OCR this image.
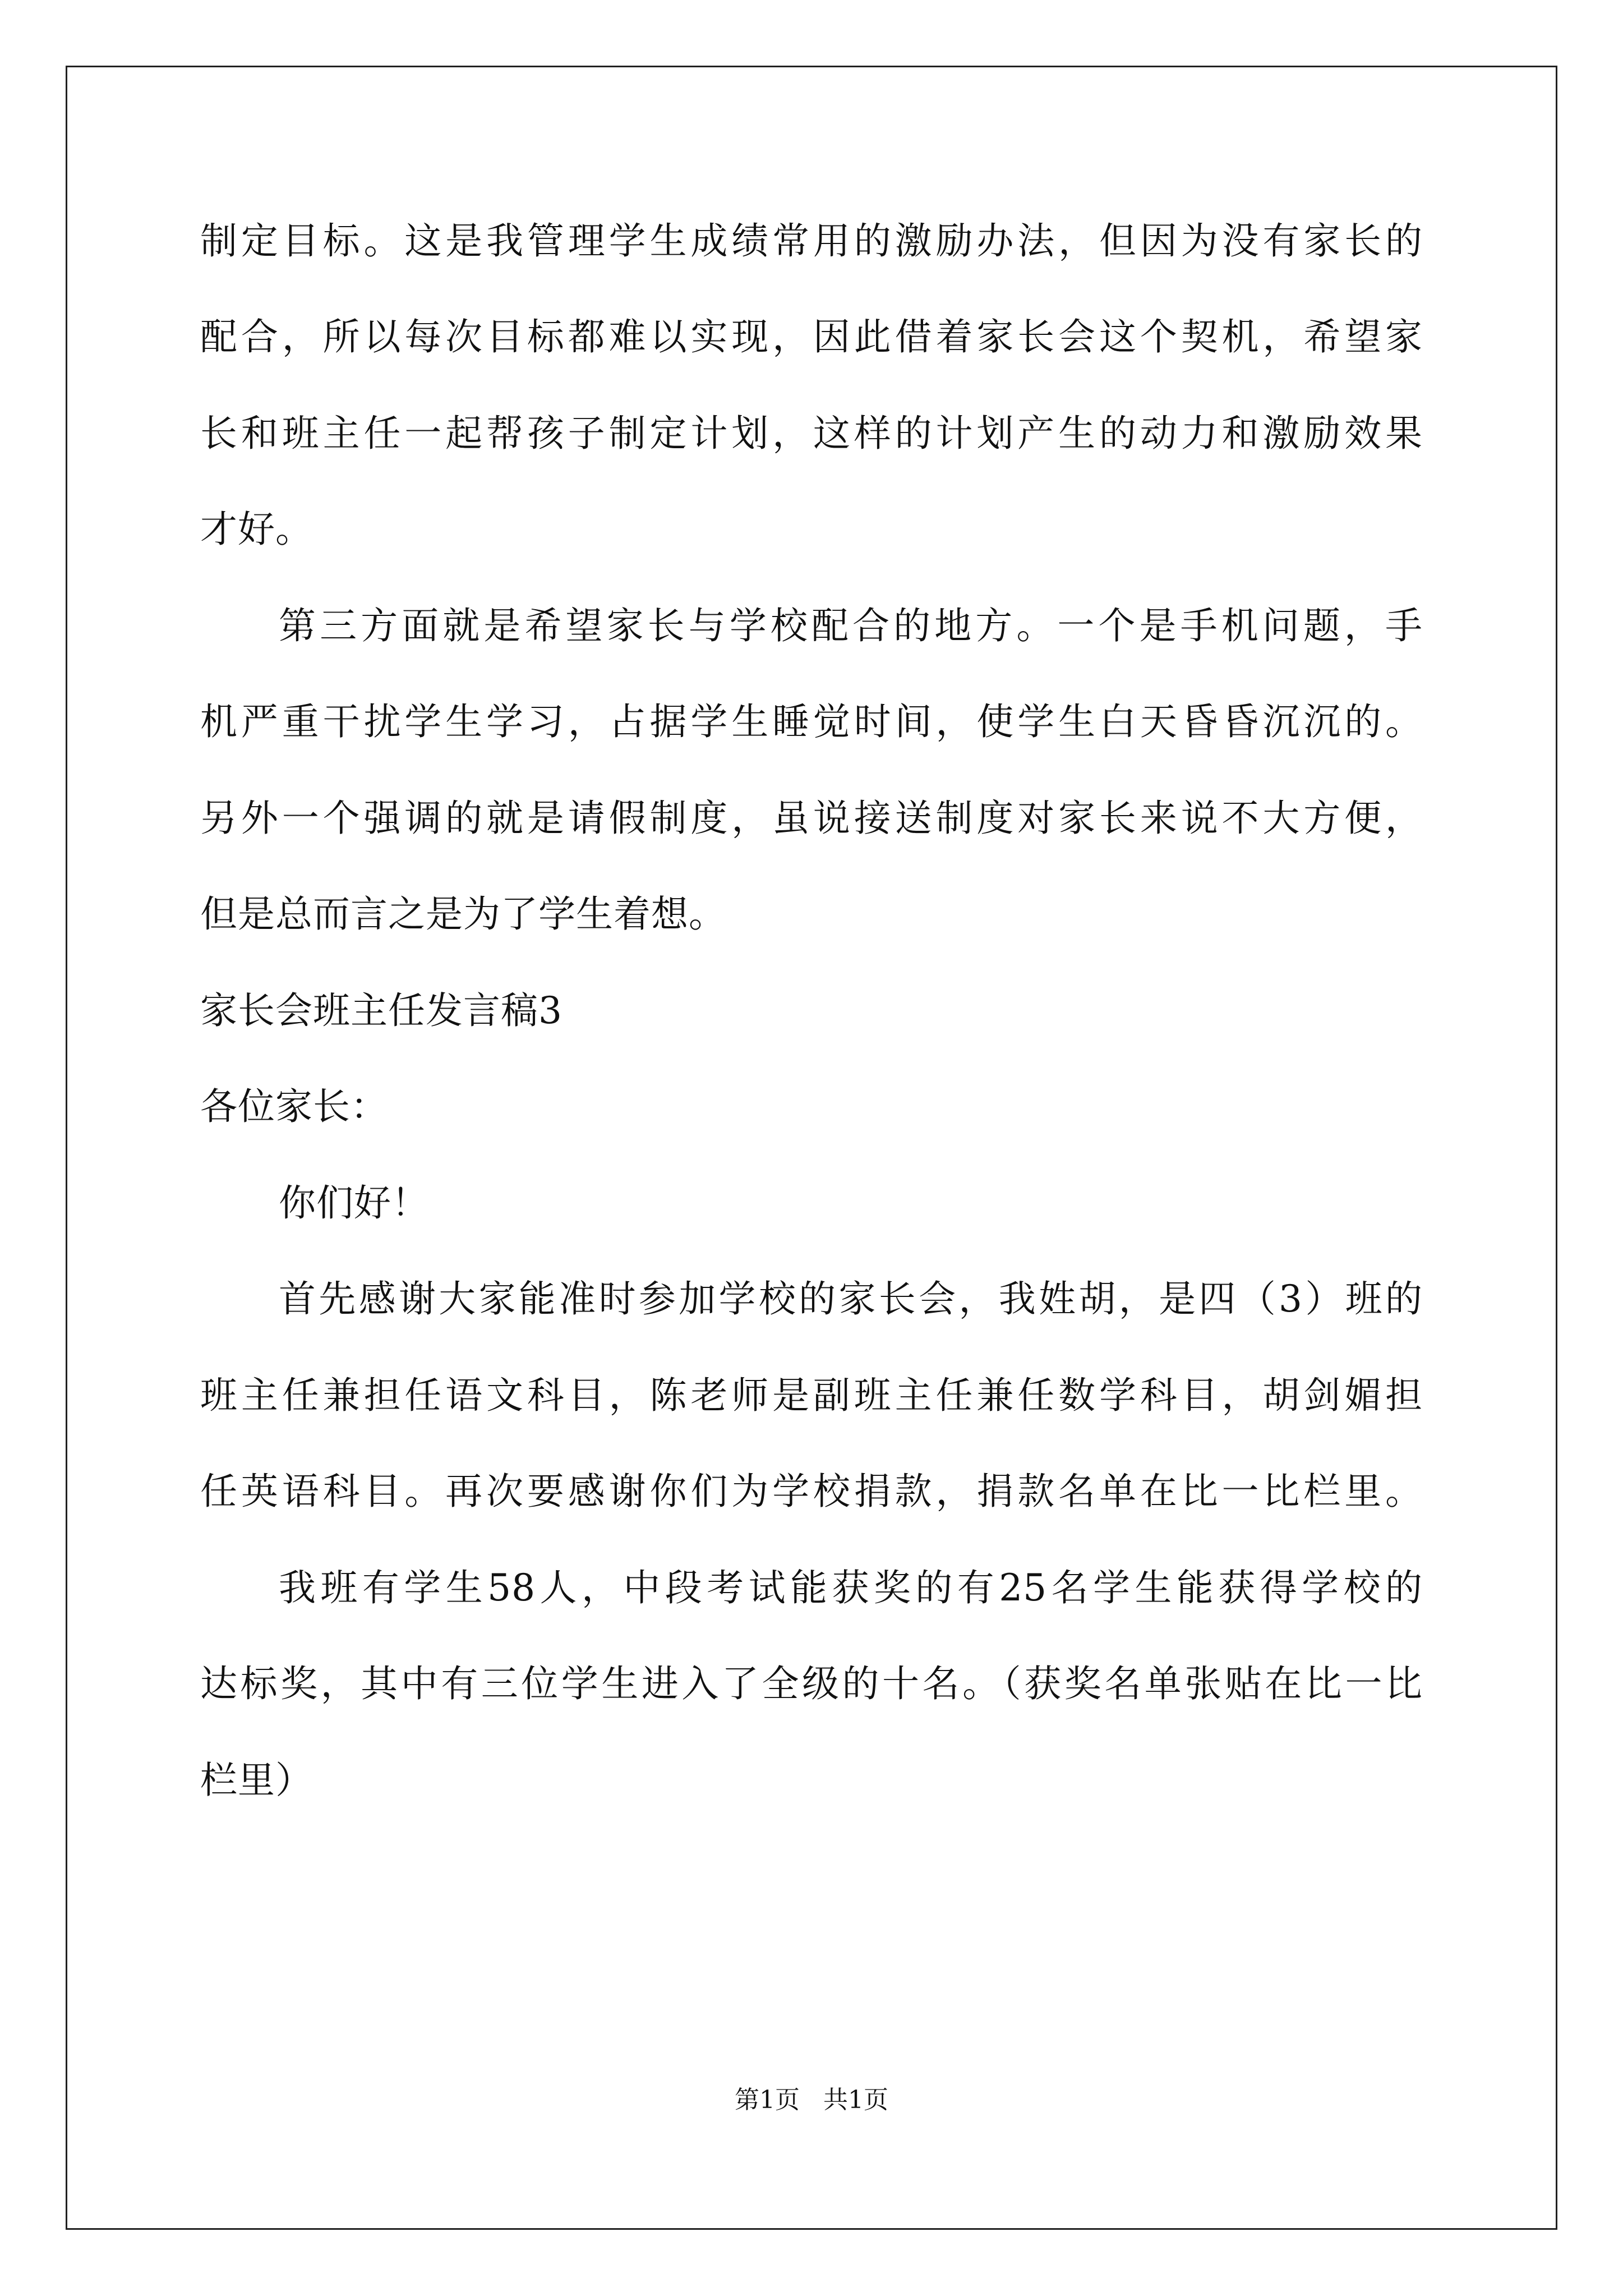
制定目标。这是我管理学生成绩常用的激励办法，但因为没有家长的
配合，所以每次目标都难以实现，因此借着家长会这个契机，希望家
长和班主任一起帮孩子制定计划，这样的计划产生的动力和激励效果
才好。
第三方面就是希望家长与学校配合的地方。一个是手机问题，手
机严重干扰学生学习，占据学生睡觉时间，使学生白天昏昏沉沉的。
另外一个强调的就是请假制度，虽说接送制度对家长来说不大方便，
但是总而言之是为了学生着想。
家长会班主任发言稿3
各位家长：
你们好！
首先感谢大家能准时参加学校的家长会，我姓胡，是四（3）班的
班主任兼担任语文科目，陈老师是副班主任兼任数学科目，胡剑媚担
任英语科目。再次要感谢你们为学校捐款，捐款名单在比一比栏里。
我班有学生58人，中段考试能获奖的有25名学生能获得学校的
达标奖，其中有三位学生进入了全级的十名。（获奖名单张贴在比一比
栏里）
第1页   共1页
